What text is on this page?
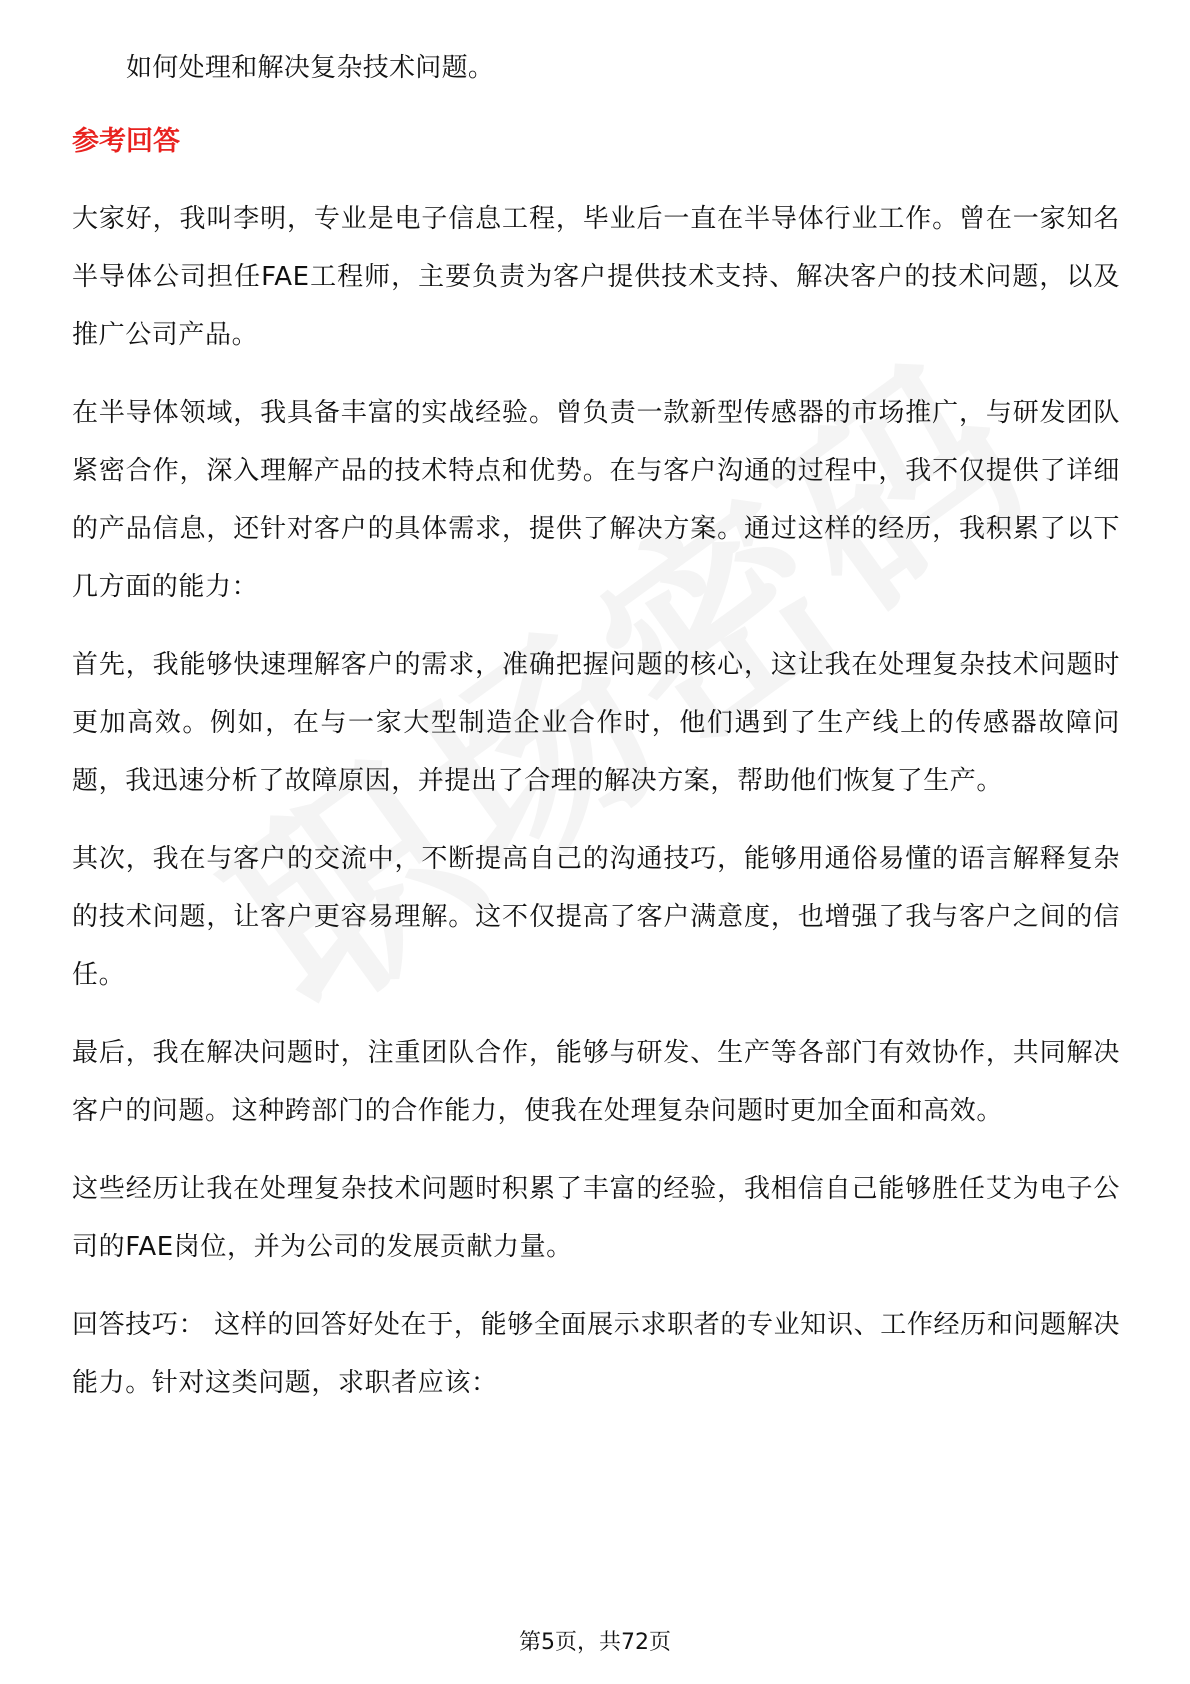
如何处理和解决复杂技术问题。

参考回答

大家好，我叫李明，专业是电子信息工程，毕业后一直在半导体行业工作。曾在一家知名半导体公司担任FAE工程师，主要负责为客户提供技术支持、解决客户的技术问题，以及推广公司产品。

在半导体领域，我具备丰富的实战经验。曾负责一款新型传感器的市场推广，与研发团队紧密合作，深入理解产品的技术特点和优势。在与客户沟通的过程中，我不仅提供了详细的产品信息，还针对客户的具体需求，提供了解决方案。通过这样的经历，我积累了以下几方面的能力：

首先，我能够快速理解客户的需求，准确把握问题的核心，这让我在处理复杂技术问题时更加高效。例如，在与一家大型制造企业合作时，他们遇到了生产线上的传感器故障问题，我迅速分析了故障原因，并提出了合理的解决方案，帮助他们恢复了生产。

其次，我在与客户的交流中，不断提高自己的沟通技巧，能够用通俗易懂的语言解释复杂的技术问题，让客户更容易理解。这不仅提高了客户满意度，也增强了我与客户之间的信任。

最后，我在解决问题时，注重团队合作，能够与研发、生产等各部门有效协作，共同解决客户的问题。这种跨部门的合作能力，使我在处理复杂问题时更加全面和高效。

这些经历让我在处理复杂技术问题时积累了丰富的经验，我相信自己能够胜任艾为电子公司的FAE岗位，并为公司的发展贡献力量。

回答技巧： 这样的回答好处在于，能够全面展示求职者的专业知识、工作经历和问题解决能力。针对这类问题，求职者应该：

第5页，共72页
